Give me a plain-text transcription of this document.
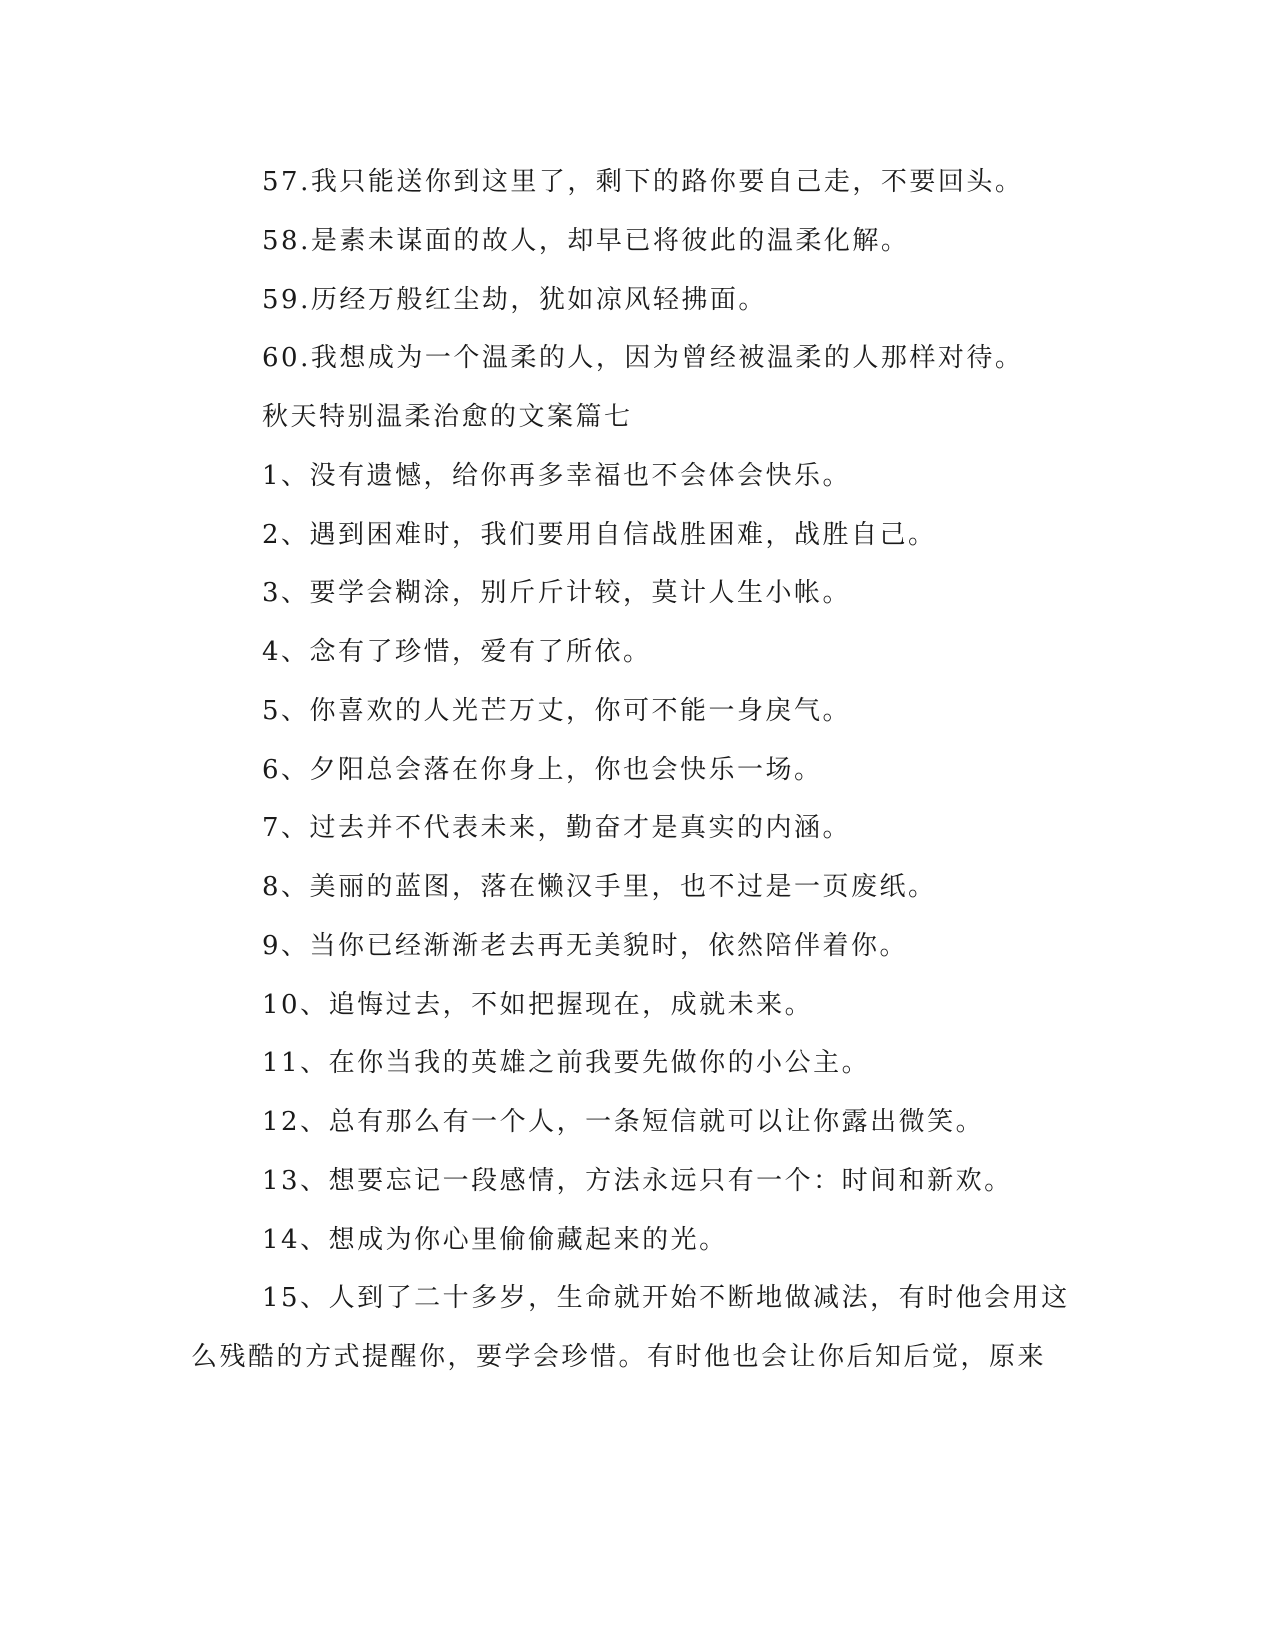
57.我只能送你到这里了，剩下的路你要自己走，不要回头。
58.是素未谋面的故人，却早已将彼此的温柔化解。
59.历经万般红尘劫，犹如凉风轻拂面。
60.我想成为一个温柔的人，因为曾经被温柔的人那样对待。
秋天特别温柔治愈的文案篇七
1、没有遗憾，给你再多幸福也不会体会快乐。
2、遇到困难时，我们要用自信战胜困难，战胜自己。
3、要学会糊涂，别斤斤计较，莫计人生小帐。
4、念有了珍惜，爱有了所依。
5、你喜欢的人光芒万丈，你可不能一身戾气。
6、夕阳总会落在你身上，你也会快乐一场。
7、过去并不代表未来，勤奋才是真实的内涵。
8、美丽的蓝图，落在懒汉手里，也不过是一页废纸。
9、当你已经渐渐老去再无美貌时，依然陪伴着你。
10、追悔过去，不如把握现在，成就未来。
11、在你当我的英雄之前我要先做你的小公主。
12、总有那么有一个人，一条短信就可以让你露出微笑。
13、想要忘记一段感情，方法永远只有一个：时间和新欢。
14、想成为你心里偷偷藏起来的光。
15、人到了二十多岁，生命就开始不断地做减法，有时他会用这
么残酷的方式提醒你，要学会珍惜。有时他也会让你后知后觉，原来
